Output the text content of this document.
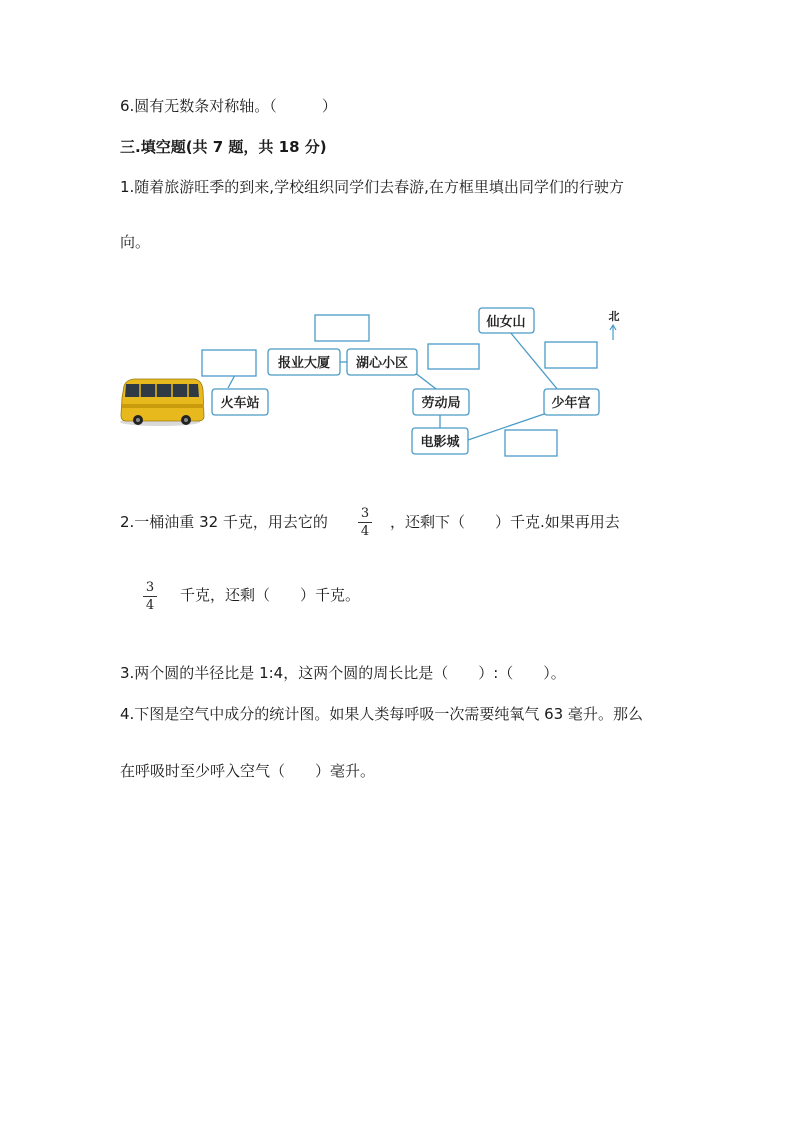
6.圆有无数条对称轴。（　　　）
三.填空题(共 7 题，共 18 分)
1.随着旅游旺季的到来,学校组织同学们去春游,在方框里填出同学们的行驶方
向。
报业大厦 湖心小区
仙女山
火车站	劳动局	少年宫
电影城
北
2.一桶油重 32 千克，用去它的	3
4
，还剩下（　　）千克.如果再用去
3
4
千克，还剩（　　）千克。
3.两个圆的半径比是 1:4，这两个圆的周长比是（　　）:（　　）。
4.下图是空气中成分的统计图。如果人类每呼吸一次需要纯氧气 63 毫升。那么
在呼吸时至少呼入空气（　　）毫升。
